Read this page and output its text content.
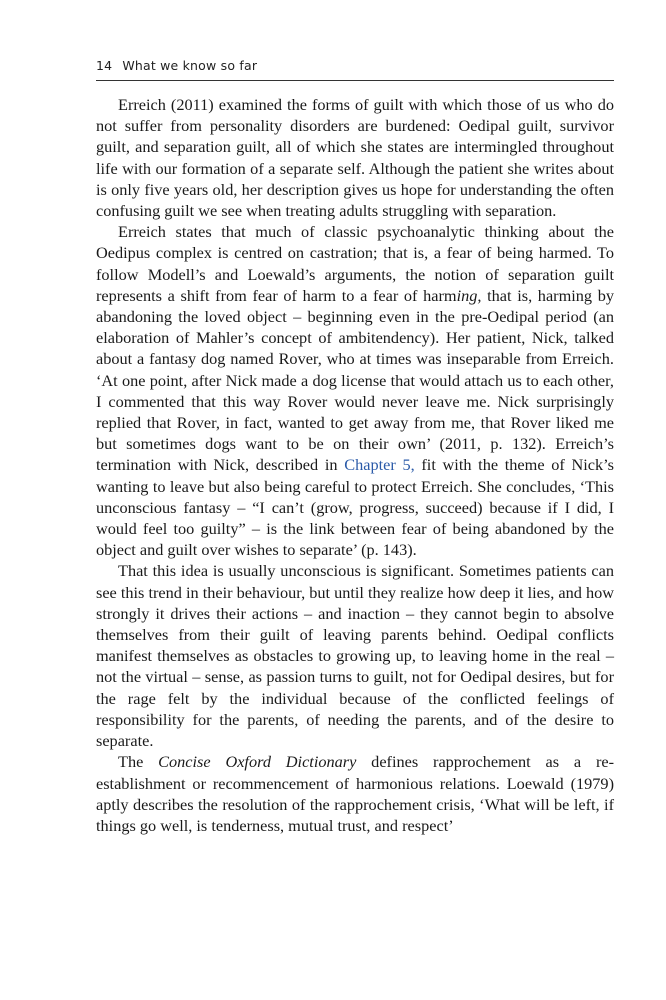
14 What we know so far

Erreich (2011) examined the forms of guilt with which those of us who do not suffer from personality disorders are burdened: Oedipal guilt, survivor guilt, and separation guilt, all of which she states are intermingled throughout life with our formation of a separate self. Although the patient she writes about is only five years old, her description gives us hope for understanding the often confusing guilt we see when treating adults struggling with separation.

Erreich states that much of classic psychoanalytic thinking about the Oedipus complex is centred on castration; that is, a fear of being harmed. To follow Modell’s and Loewald’s arguments, the notion of separation guilt represents a shift from fear of harm to a fear of harming, that is, harming by abandoning the loved object – beginning even in the pre-Oedipal period (an elaboration of Mahler’s concept of ambitendency). Her patient, Nick, talked about a fantasy dog named Rover, who at times was inseparable from Erreich. ‘At one point, after Nick made a dog license that would attach us to each other, I commented that this way Rover would never leave me. Nick surprisingly replied that Rover, in fact, wanted to get away from me, that Rover liked me but sometimes dogs want to be on their own’ (2011, p. 132). Erreich’s termination with Nick, described in Chapter 5, fit with the theme of Nick’s wanting to leave but also being careful to protect Erreich. She concludes, ‘This unconscious fantasy – “I can’t (grow, progress, succeed) because if I did, I would feel too guilty” – is the link between fear of being abandoned by the object and guilt over wishes to separate’ (p. 143).

That this idea is usually unconscious is significant. Sometimes patients can see this trend in their behaviour, but until they realize how deep it lies, and how strongly it drives their actions – and inaction – they cannot begin to absolve themselves from their guilt of leaving parents behind. Oedipal conflicts manifest themselves as obstacles to growing up, to leaving home in the real – not the virtual – sense, as passion turns to guilt, not for Oedipal desires, but for the rage felt by the individual because of the conflicted feelings of responsibility for the parents, of needing the parents, and of the desire to separate.

The Concise Oxford Dictionary defines rapprochement as a re-establishment or recommencement of harmonious relations. Loewald (1979) aptly describes the resolution of the rapprochement crisis, ‘What will be left, if things go well, is tenderness, mutual trust, and respect’
